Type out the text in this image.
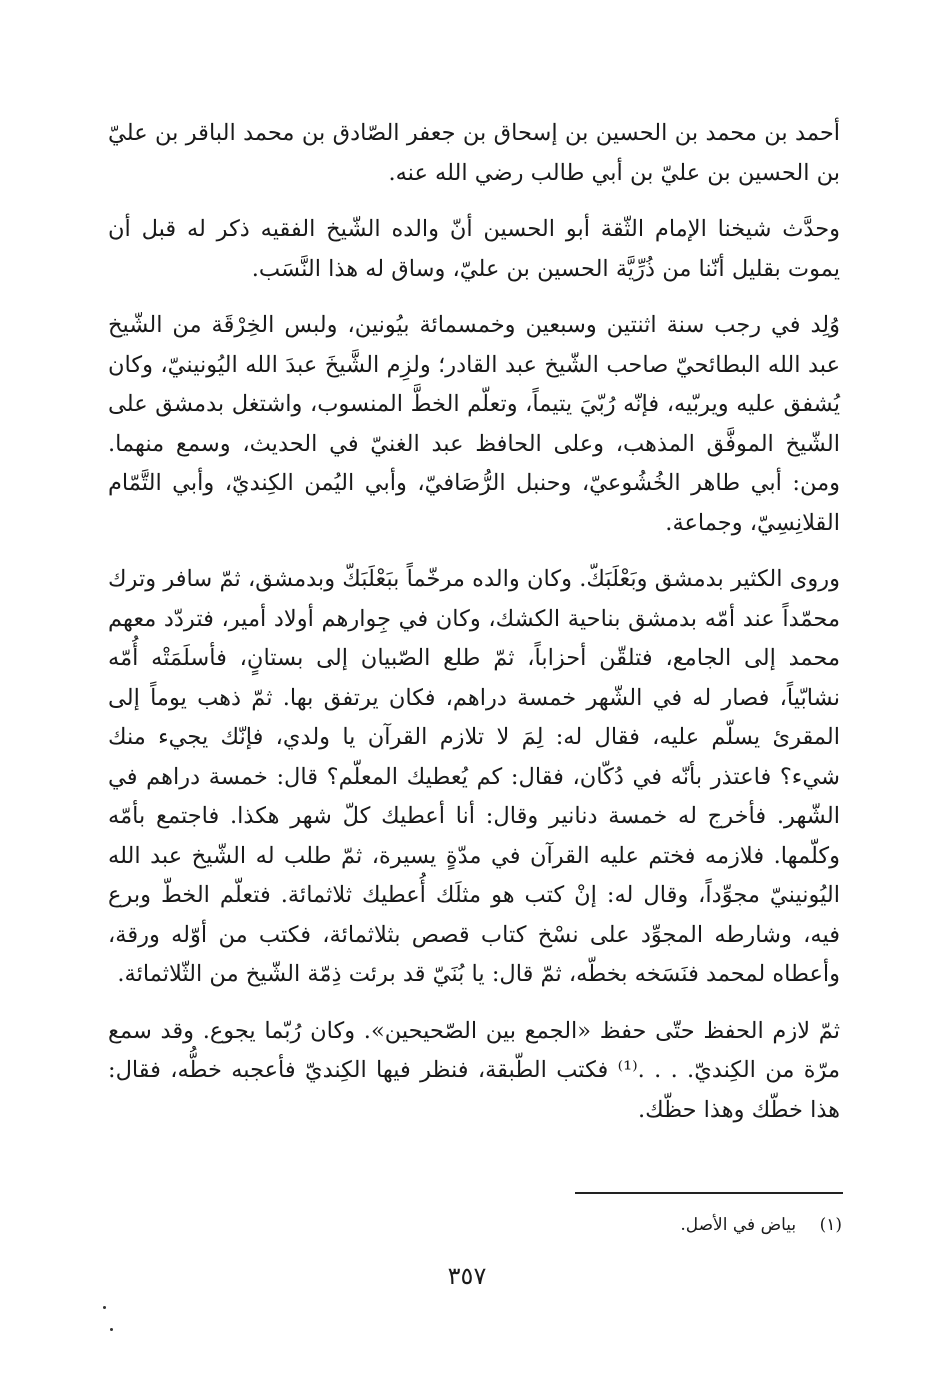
أحمد بن محمد بن الحسين بن إسحاق بن جعفر الصّادق بن محمد الباقر بن عليّ بن الحسين بن عليّ بن أبي طالب رضي الله عنه.

وحدَّث شيخنا الإمام الثّقة أبو الحسين أنّ والده الشّيخ الفقيه ذكر له قبل أن يموت بقليل أنّنا من ذُرِّيَّة الحسين بن عليّ، وساق له هذا النَّسَب.

وُلِد في رجب سنة اثنتين وسبعين وخمسمائة بيُونين، ولبس الخِرْقَة من الشّيخ عبد الله البطائحيّ صاحب الشّيخ عبد القادر؛ ولزِم الشَّيخَ عبدَ الله اليُونينيّ، وكان يُشفق عليه ويربّيه، فإنّه رُبّيَ يتيماً، وتعلّم الخطَّ المنسوب، واشتغل بدمشق على الشّيخ الموفَّق المذهب، وعلى الحافظ عبد الغنيّ في الحديث، وسمع منهما. ومن: أبي طاهر الخُشُوعيّ، وحنبل الرُّصَافيّ، وأبي اليُمن الكِنديّ، وأبي التَّمّام القلانِسِيّ، وجماعة.

وروى الكثير بدمشق وبَعْلَبَكّ. وكان والده مرخّماً ببَعْلَبَكّ وبدمشق، ثمّ سافر وترك محمّداً عند أمّه بدمشق بناحية الكشك، وكان في جِوارهم أولاد أمير، فتردّد معهم محمد إلى الجامع، فتلقّن أحزاباً، ثمّ طلع الصّبيان إلى بستانٍ، فأسلَمَتْه أُمّه نشابّياً، فصار له في الشّهر خمسة دراهم، فكان يرتفق بها. ثمّ ذهب يوماً إلى المقرئ يسلّم عليه، فقال له: لِمَ لا تلازم القرآن يا ولدي، فإنّك يجيء منك شيء؟ فاعتذر بأنّه في دُكّان، فقال: كم يُعطيك المعلّم؟ قال: خمسة دراهم في الشّهر. فأخرج له خمسة دنانير وقال: أنا أعطيك كلّ شهر هكذا. فاجتمع بأمّه وكلّمها. فلازمه فختم عليه القرآن في مدّةٍ يسيرة، ثمّ طلب له الشّيخ عبد الله اليُونينيّ مجوِّداً، وقال له: إنْ كتب هو مثلَك أُعطيك ثلاثمائة. فتعلّم الخطّ وبرع فيه، وشارطه المجوِّد على نسْخ كتاب قصص بثلاثمائة، فكتب من أوّله ورقة، وأعطاه لمحمد فنَسَخه بخطّه، ثمّ قال: يا بُنَيّ قد برئت ذِمّة الشّيخ من الثّلاثمائة.

ثمّ لازم الحفظ حتّى حفظ «الجمع بين الصّحيحين». وكان رُبّما يجوع. وقد سمع مرّة من الكِنديّ. . . .⁽¹⁾ فكتب الطّبقة، فنظر فيها الكِنديّ فأعجبه خطُّه، فقال: هذا خطّك وهذا حظّك.

(١) بياض في الأصل.
٣٥٧
